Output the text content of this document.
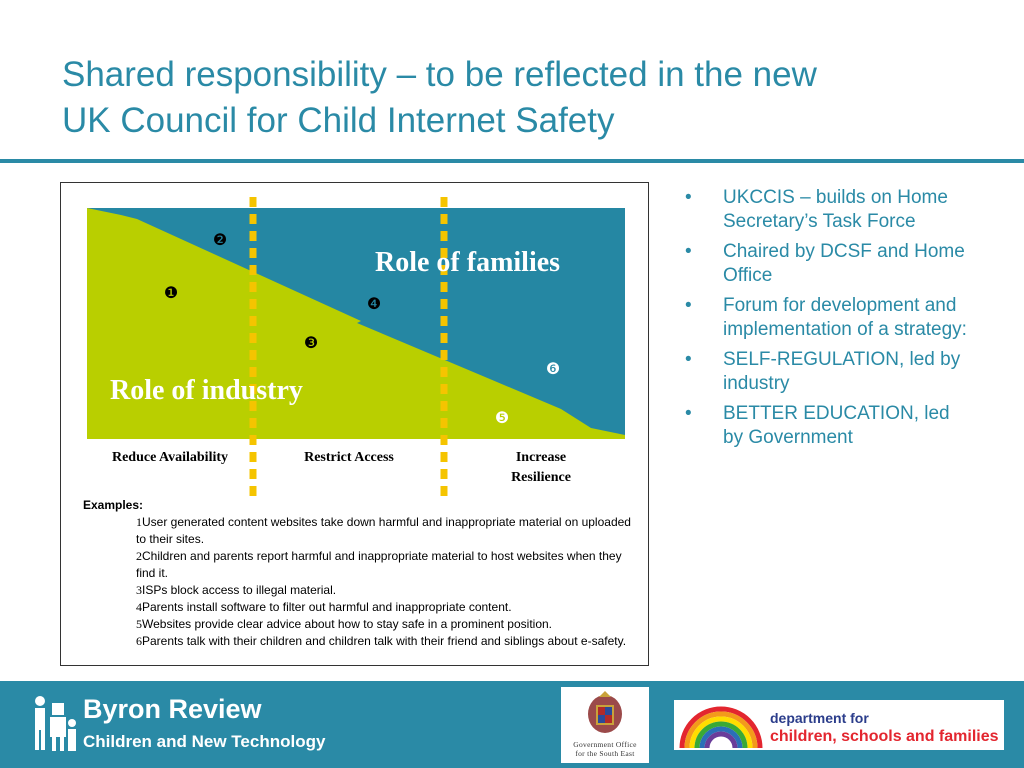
Shared responsibility – to be reflected in the new
UK Council for Child Internet Safety
Role of families
Role of industry
❶
❷
❸
❹
❺
❻
Reduce Availability	Restrict Access	Increase
Resilience
Examples:
1User generated content websites take down harmful and inappropriate material on uploaded to their sites.
2Children and parents report harmful and inappropriate material to host websites when they find it.
3ISPs block access to illegal material.
4Parents install software to filter out harmful and inappropriate content.
5Websites provide clear advice about how to stay safe in a prominent position.
6Parents talk with their children and children talk with their friend and siblings about e-safety.
• UKCCIS – builds on Home Secretary’s Task Force
• Chaired by DCSF and Home Office
• Forum for development and implementation of a strategy:
• SELF-REGULATION, led by industry
• BETTER EDUCATION, led by Government
Byron Review
Children and New Technology	Government Office
for the South East
department for
children, schools and families
